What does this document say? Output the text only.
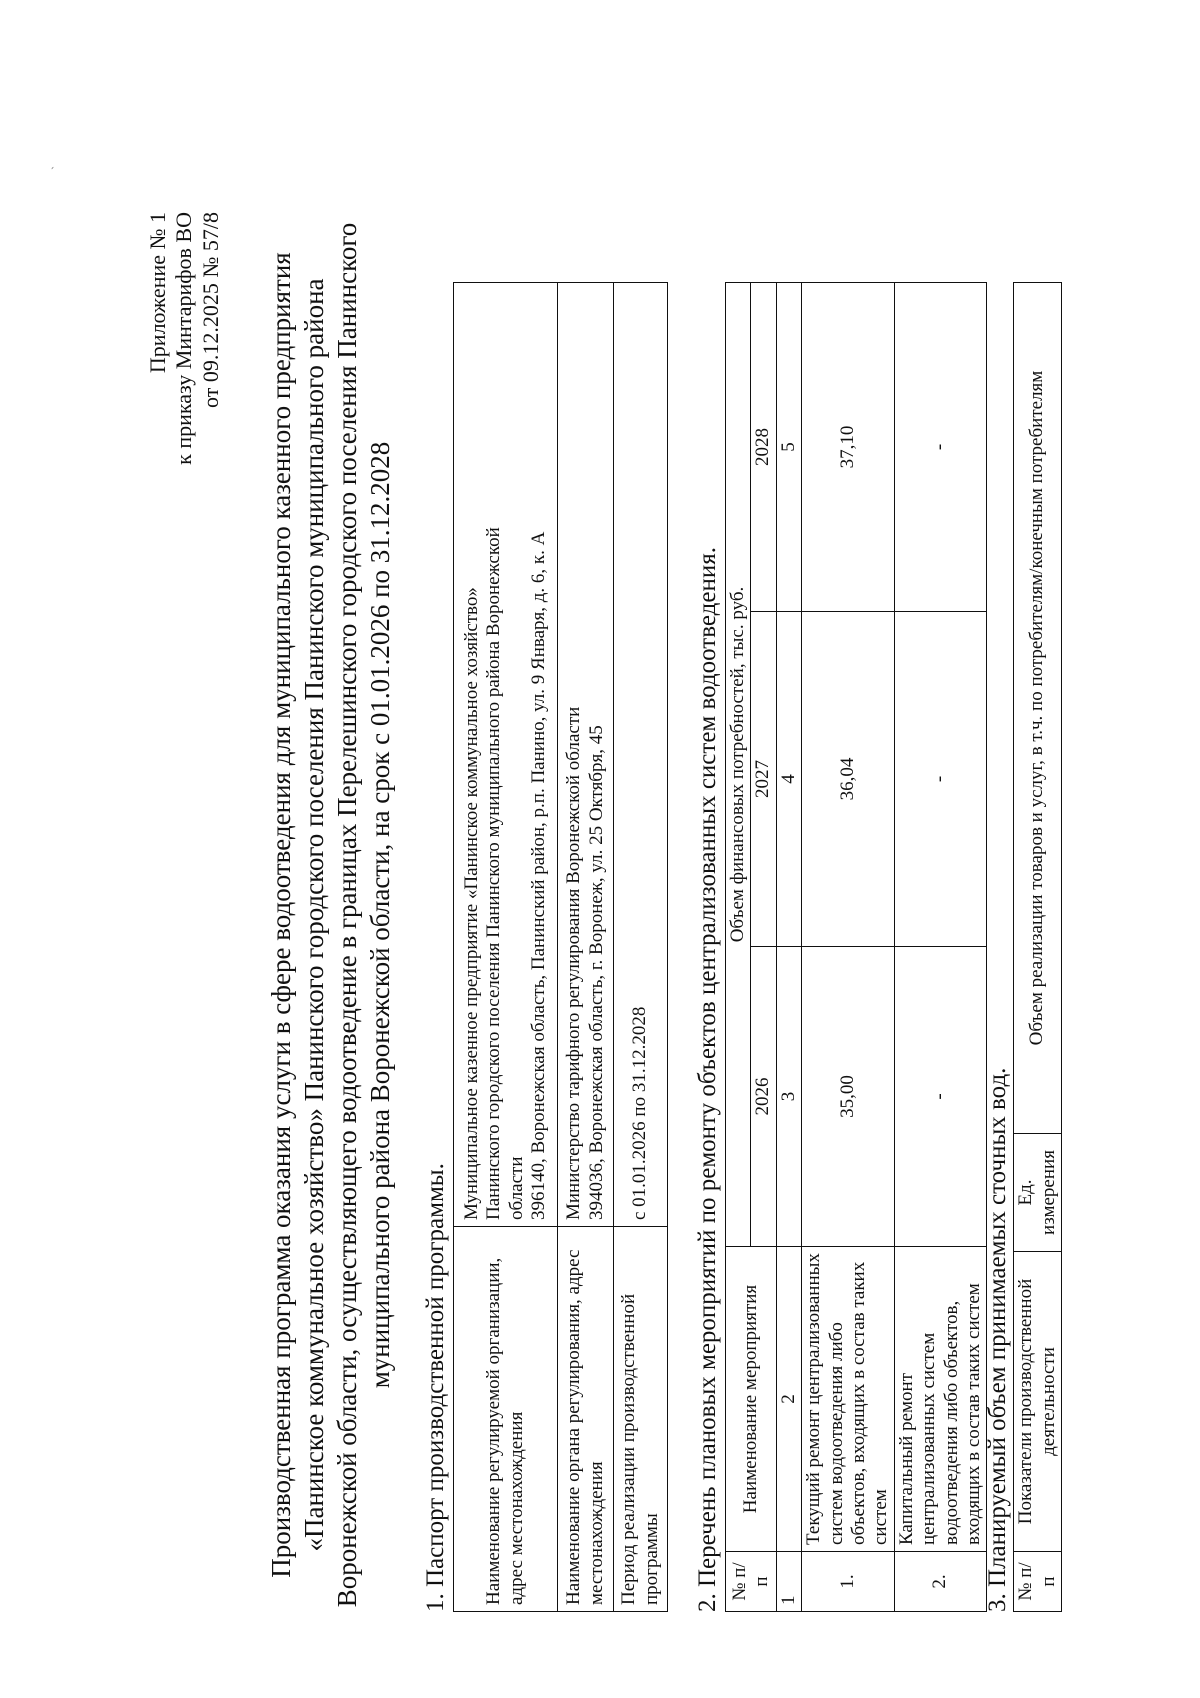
`
Приложение № 1 к приказу Минтарифов ВО от 09.12.2025 № 57/8 Производственная программа оказания услуги в сфере водоотведения для муниципального казенного предприятия «Панинское коммунальное хозяйство» Панинского городского поселения Панинского муниципального района Воронежской области, осуществляющего водоотведение в границах Перелешинского городского поселения Панинского муниципального района Воронежской области, на срок с 01.01.2026 по 31.12.2028 1. Паспорт производственной программы. Наименование регулируемой организации, адрес местонахождения	Муниципальное казенное предприятие «Панинское коммунальное хозяйство» Панинского городского поселения Панинского муниципального района Воронежской области 396140, Воронежская область, Панинский район, р.п. Панино, ул. 9 Января, д. 6, к. А

Наименование органа регулирования, адрес местонахождения	Министерство тарифного регулирования Воронежской области 394036, Воронежская область, г. Воронеж, ул. 25 Октября, 45

Период реализации производственной программы	с 01.01.2026 по 31.12.2028 2. Перечень плановых мероприятий по ремонту объектов централизованных систем водоотведения. № п/п	Наименование мероприятия	Объем финансовых потребностей, тыс. руб.		
		2026	2027	2028
1	2	3	4	5
1.	Текущий ремонт централизованных систем водоотведения либо объектов, входящих в состав таких систем	35,00	36,04	37,10
2.	Капитальный ремонт централизованных систем водоотведения либо объектов, входящих в состав таких систем	-	-	-
3. Планируемый объем принимаемых сточных вод. № п/п	Показатели производственной деятельности	Ед. измерения	Объем реализации товаров и услуг, в т.ч. по потребителям/конечным потребителям
